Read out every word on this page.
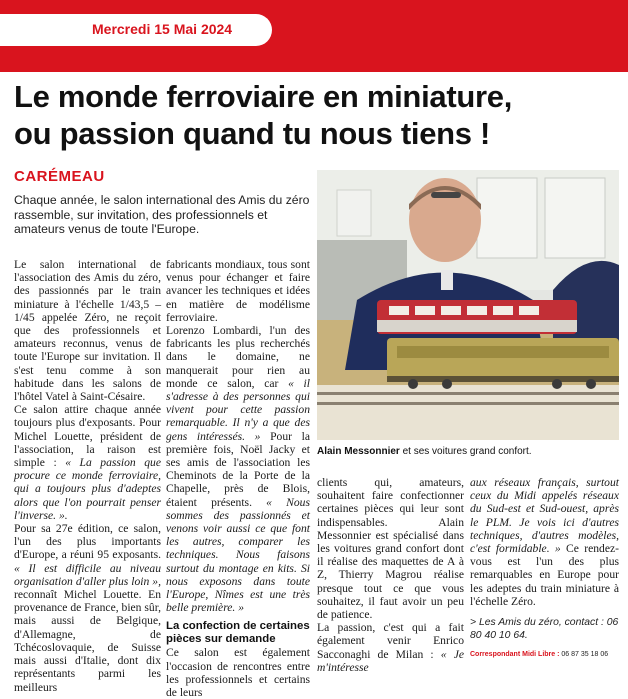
Mercredi 15 Mai 2024
Le monde ferroviaire en miniature,
ou passion quand tu nous tiens !
CARÉMEAU
Chaque année, le salon international des Amis du zéro rassemble, sur invitation, des professionnels et amateurs venus de toute l'Europe.
Alain Messonnier et ses voitures grand confort.

Le salon international de l'association des Amis du zéro, des passionnés par le train miniature à l'échelle 1/43,5 – 1/45 appelée Zéro, ne reçoit que des professionnels et amateurs reconnus, venus de toute l'Europe sur invitation. Il s'est tenu comme à son habitude dans les salons de l'hôtel Vatel à Saint-Césaire.

Ce salon attire chaque année toujours plus d'exposants. Pour Michel Louette, président de l'association, la raison est simple : « La passion que procure ce monde ferroviaire, qui a toujours plus d'adeptes alors que l'on pourrait penser l'inverse. ».

Pour sa 27e édition, ce salon, l'un des plus importants d'Europe, a réuni 95 exposants. « Il est difficile au niveau organisation d'aller plus loin », reconnaît Michel Louette. En provenance de France, bien sûr, mais aussi de Belgique, d'Allemagne, de Tchécoslovaquie, de Suisse mais aussi d'Italie, dont dix représentants parmi les meilleurs

fabricants mondiaux, tous sont venus pour échanger et faire avancer les techniques et idées en matière de modélisme ferroviaire.

Lorenzo Lombardi, l'un des fabricants les plus recherchés dans le domaine, ne manquerait pour rien au monde ce salon, car « il s'adresse à des personnes qui vivent pour cette passion remarquable. Il n'y a que des gens intéressés. » Pour la première fois, Noël Jacky et ses amis de l'association les Cheminots de la Porte de la Chapelle, près de Blois, étaient présents. « Nous sommes des passionnés et venons voir aussi ce que font les autres, comparer les techniques. Nous faisons surtout du montage en kits. Si nous exposons dans toute l'Europe, Nîmes est une très belle première. »

La confection de certaines pièces sur demande

Ce salon est également l'occasion de rencontres entre les professionnels et certains de leurs

clients qui, amateurs, souhaitent faire confectionner certaines pièces qui leur sont indispensables. Alain Messonnier est spécialisé dans les voitures grand confort dont il réalise des maquettes de A à Z, Thierry Magrou réalise presque tout ce que vous souhaitez, il faut avoir un peu de patience.

La passion, c'est qui a fait également venir Enrico Sacconaghi de Milan : « Je m'intéresse

aux réseaux français, surtout ceux du Midi appelés réseaux du Sud-est et Sud-ouest, après le PLM. Je vois ici d'autres techniques, d'autres modèles, c'est formidable. » Ce rendez-vous est l'un des plus remarquables en Europe pour les adeptes du train miniature à l'échelle Zéro.

> Les Amis du zéro, contact : 06 80 40 10 64.
Correspondant Midi Libre : 06 87 35 18 06
